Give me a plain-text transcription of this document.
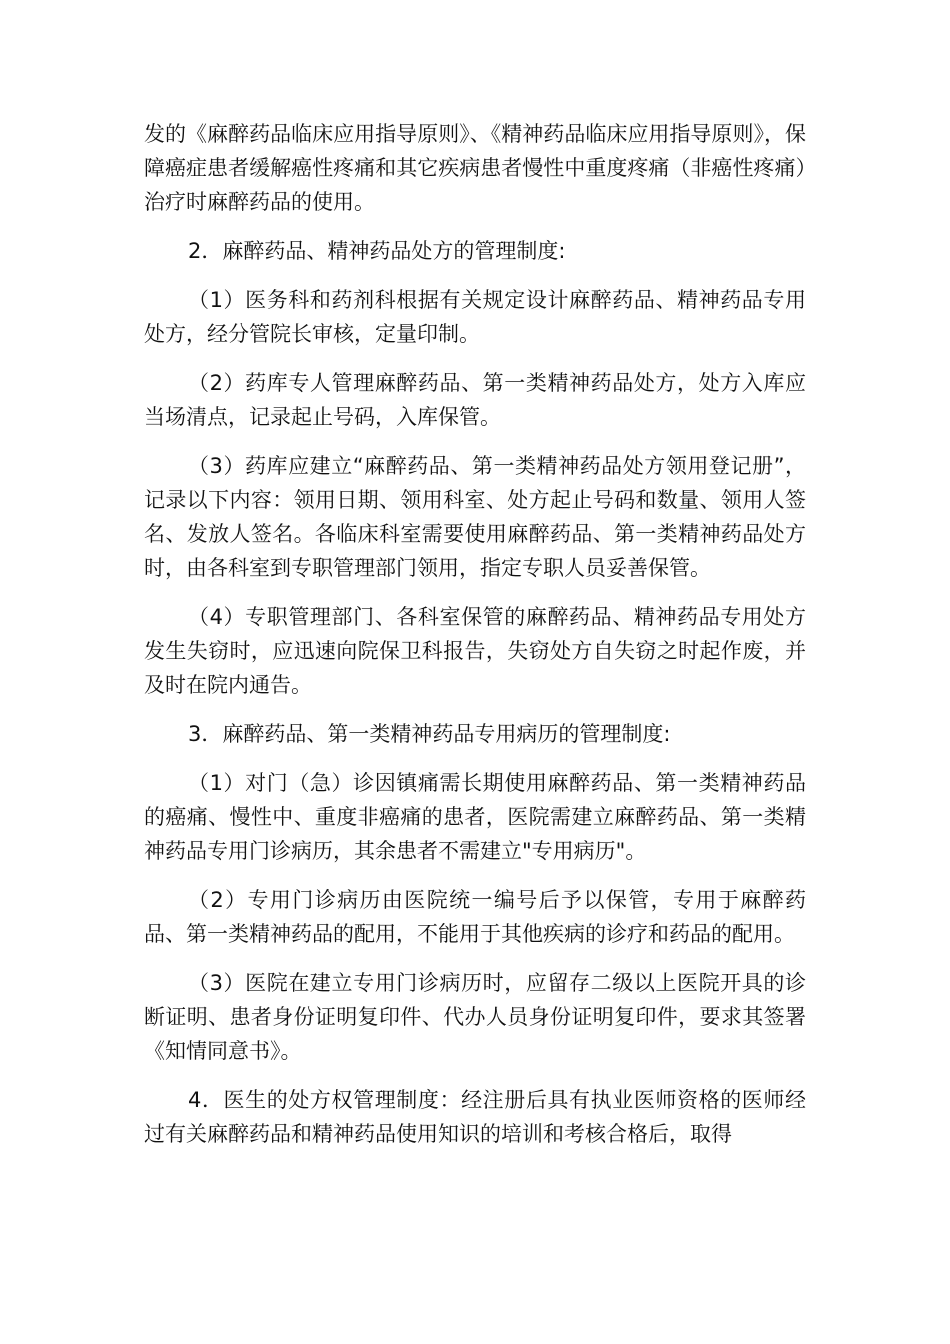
发的《麻醉药品临床应用指导原则》、《精神药品临床应用指导原则》，保障癌症患者缓解癌性疼痛和其它疾病患者慢性中重度疼痛（非癌性疼痛）治疗时麻醉药品的使用。

2．麻醉药品、精神药品处方的管理制度:

（1）医务科和药剂科根据有关规定设计麻醉药品、精神药品专用处方，经分管院长审核，定量印制。

（2）药库专人管理麻醉药品、第一类精神药品处方，处方入库应当场清点，记录起止号码，入库保管。

（3）药库应建立“麻醉药品、第一类精神药品处方领用登记册”，记录以下内容：领用日期、领用科室、处方起止号码和数量、领用人签名、发放人签名。各临床科室需要使用麻醉药品、第一类精神药品处方时，由各科室到专职管理部门领用，指定专职人员妥善保管。

（4）专职管理部门、各科室保管的麻醉药品、精神药品专用处方发生失窃时，应迅速向院保卫科报告，失窃处方自失窃之时起作废，并及时在院内通告。

3．麻醉药品、第一类精神药品专用病历的管理制度:

（1）对门（急）诊因镇痛需长期使用麻醉药品、第一类精神药品的癌痛、慢性中、重度非癌痛的患者，医院需建立麻醉药品、第一类精神药品专用门诊病历，其余患者不需建立"专用病历"。

（2）专用门诊病历由医院统一编号后予以保管，专用于麻醉药品、第一类精神药品的配用，不能用于其他疾病的诊疗和药品的配用。

（3）医院在建立专用门诊病历时，应留存二级以上医院开具的诊断证明、患者身份证明复印件、代办人员身份证明复印件，要求其签署《知情同意书》。

4．医生的处方权管理制度：经注册后具有执业医师资格的医师经过有关麻醉药品和精神药品使用知识的培训和考核合格后，取得
